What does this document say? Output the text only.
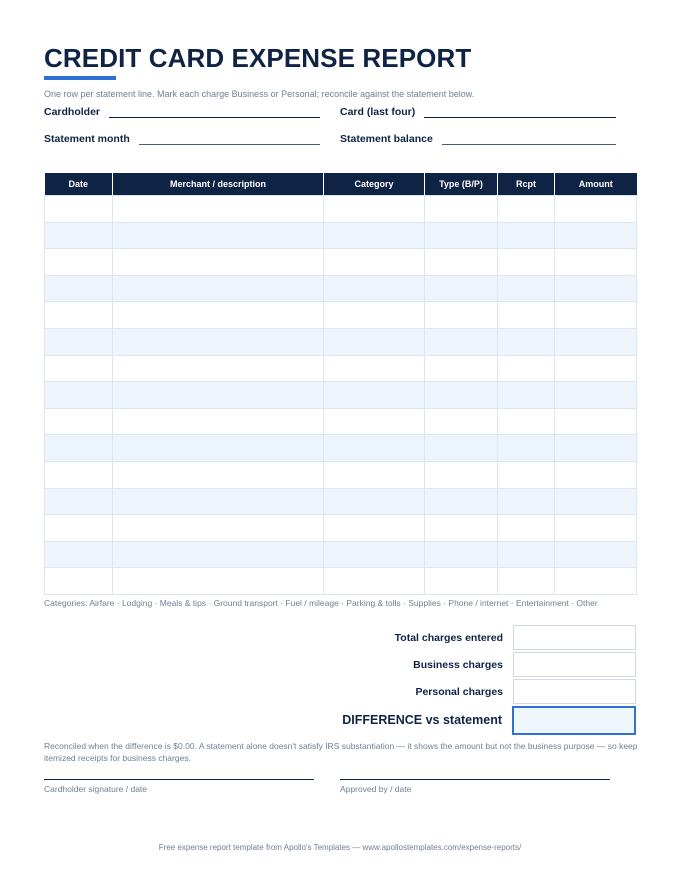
CREDIT CARD EXPENSE REPORT
One row per statement line. Mark each charge Business or Personal; reconcile against the statement below.
Cardholder	Card (last four)
Statement month	Statement balance
Date	Merchant / description	Category	Type (B/P)	Rcpt	Amount

Categories: Airfare · Lodging · Meals & tips · Ground transport · Fuel / mileage · Parking & tolls · Supplies · Phone / internet · Entertainment · Other
Total charges entered
Business charges
Personal charges
DIFFERENCE vs statement
Reconciled when the difference is $0.00. A statement alone doesn't satisfy IRS substantiation — it shows the amount but not the business purpose — so keep itemized receipts for business charges.
Cardholder signature / date	Approved by / date
Free expense report template from Apollo's Templates — www.apollostemplates.com/expense-reports/
